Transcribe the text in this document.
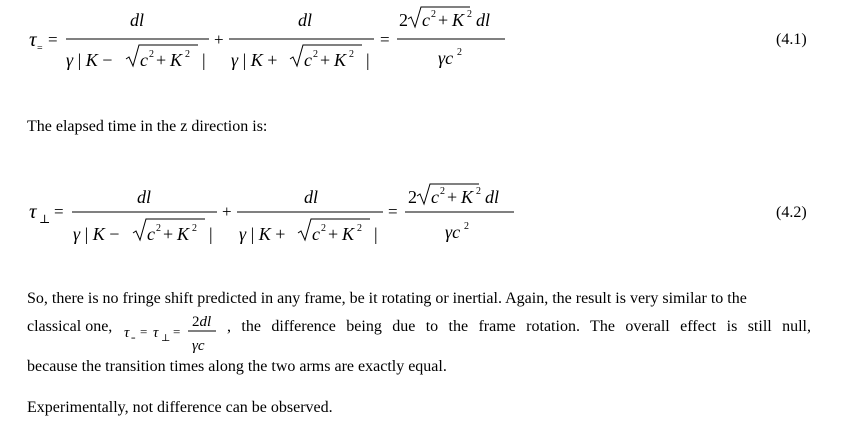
τ = =
dl
γ | K − c 2 + K 2 |
+
dl
γ | K + c 2 + K 2 |
=
2 c 2 + K 2 dl
γc 2
(4.1)
The elapsed time in the z direction is:
τ ⊥ =
dl
γ | K − c 2 + K 2 |
+
dl
γ | K + c 2 + K 2 |
=
2 c 2 + K 2 dl
γc 2
(4.2)
So, there is no fringe shift predicted in any frame, be it rotating or inertial. Again, the result is very similar to the
classical one, τ = = τ ⊥ =
2dl
γc
, the difference being due to the frame rotation. The overall effect is still null,
because the transition times along the two arms are exactly equal.
Experimentally, not difference can be observed.
